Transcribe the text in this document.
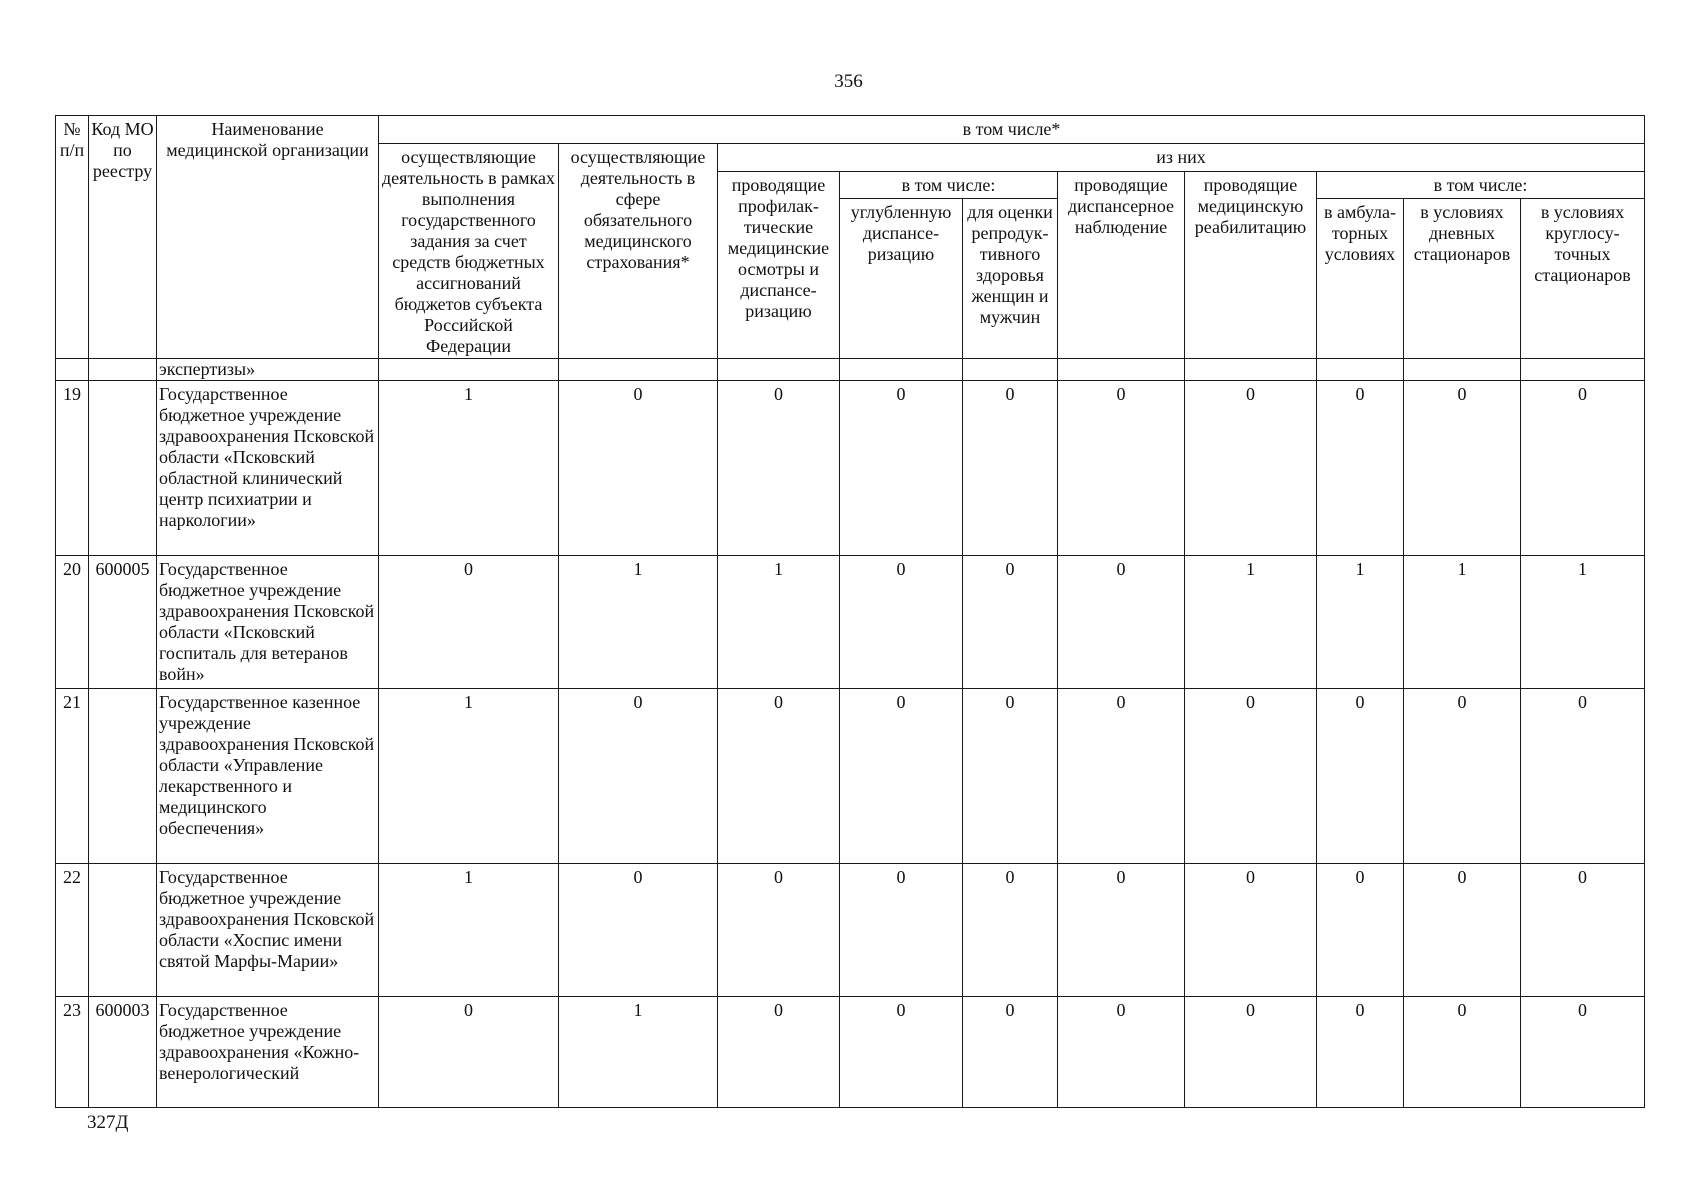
356
№ п/п	Код МО по реестру	Наименование медицинской организации	в том числе*									
			осуществляющие деятельность в рамках выполнения государственного задания за счет средств бюджетных ассигнований бюджетов субъекта Российской Федерации	осуществляющие деятельность в сфере обязательного медицинского страхования*	из них							
					проводящие профилактические медицинские осмотры и диспансеризацию	в том числе:		проводящие диспансерное наблюдение	проводящие медицинскую реабилитацию	в том числе:		
						углубленную диспансеризацию	для оценки репродуктивного здоровья женщин и мужчин			в амбулаторных условиях	в условиях дневных стационаров	в условиях круглосуточных стационаров
		экспертизы»										
19		Государственное бюджетное учреждение здравоохранения Псковской области «Псковский областной клинический центр психиатрии и наркологии»	1	0	0	0	0	0	0	0	0	0
20	600005	Государственное бюджетное учреждение здравоохранения Псковской области «Псковский госпиталь для ветеранов войн»	0	1	1	0	0	0	1	1	1	1
21		Государственное казенное учреждение здравоохранения Псковской области «Управление лекарственного и медицинского обеспечения»	1	0	0	0	0	0	0	0	0	0
22		Государственное бюджетное учреждение здравоохранения Псковской области «Хоспис имени святой Марфы-Марии»	1	0	0	0	0	0	0	0	0	0
23	600003	Государственное бюджетное учреждение здравоохранения «Кожно-венерологический	0	1	0	0	0	0	0	0	0	0
327Д
